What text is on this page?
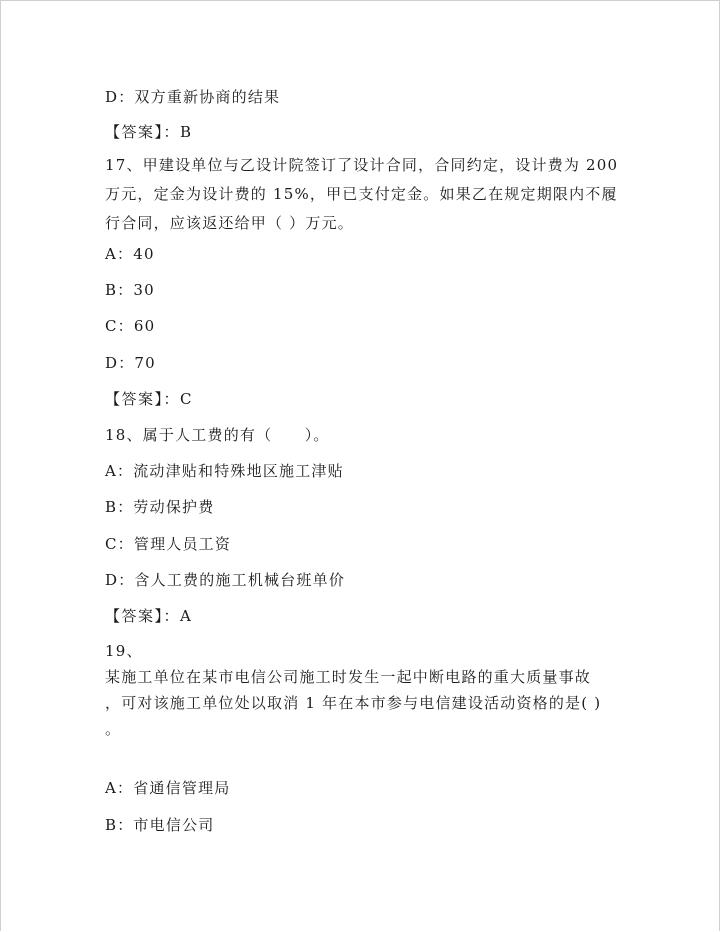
D：双方重新协商的结果
【答案】：B
17、甲建设单位与乙设计院签订了设计合同，合同约定，设计费为 200
万元，定金为设计费的 15%，甲已支付定金。如果乙在规定期限内不履
行合同，应该返还给甲（ ）万元。
A：40
B：30
C：60
D：70
【答案】：C
18、属于人工费的有（　　）。
A：流动津贴和特殊地区施工津贴
B：劳动保护费
C：管理人员工资
D：含人工费的施工机械台班单价
【答案】：A
19、
某施工单位在某市电信公司施工时发生一起中断电路的重大质量事故
，可对该施工单位处以取消 1 年在本市参与电信建设活动资格的是( )
。
A：省通信管理局
B：市电信公司
